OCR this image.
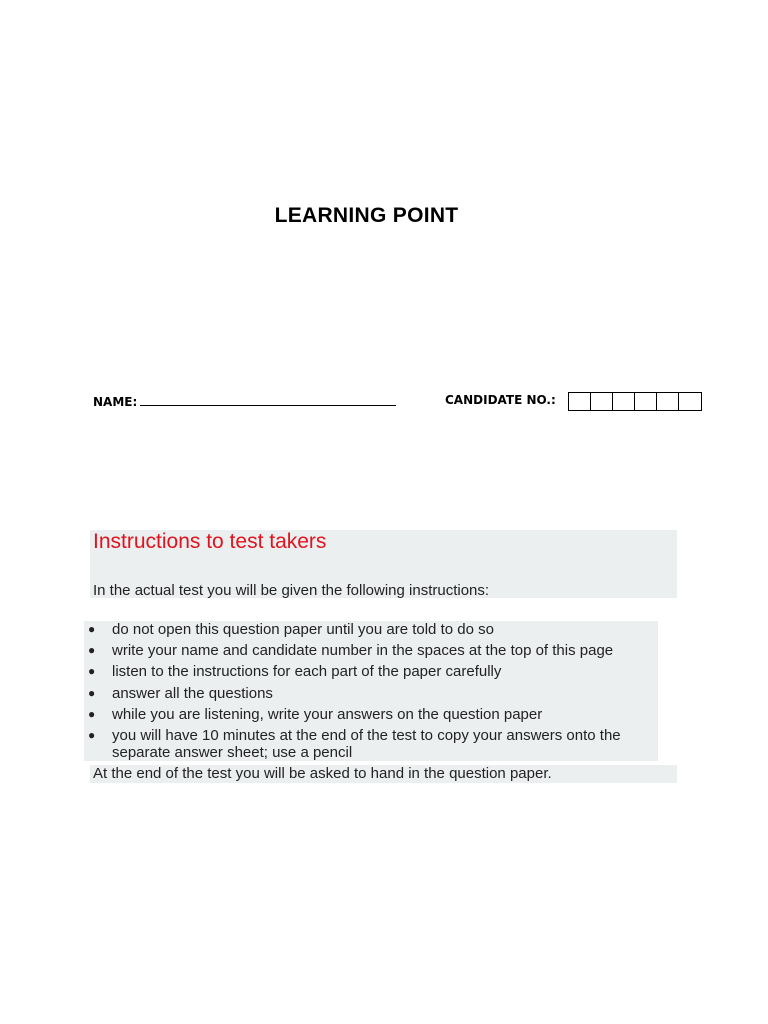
LEARNING POINT
NAME:	CANDIDATE NO.:
Instructions to test takers
In the actual test you will be given the following instructions:
● do not open this question paper until you are told to do so
● write your name and candidate number in the spaces at the top of this page
● listen to the instructions for each part of the paper carefully
● answer all the questions
● while you are listening, write your answers on the question paper
● you will have 10 minutes at the end of the test to copy your answers onto the separate answer sheet; use a pencil
At the end of the test you will be asked to hand in the question paper.
